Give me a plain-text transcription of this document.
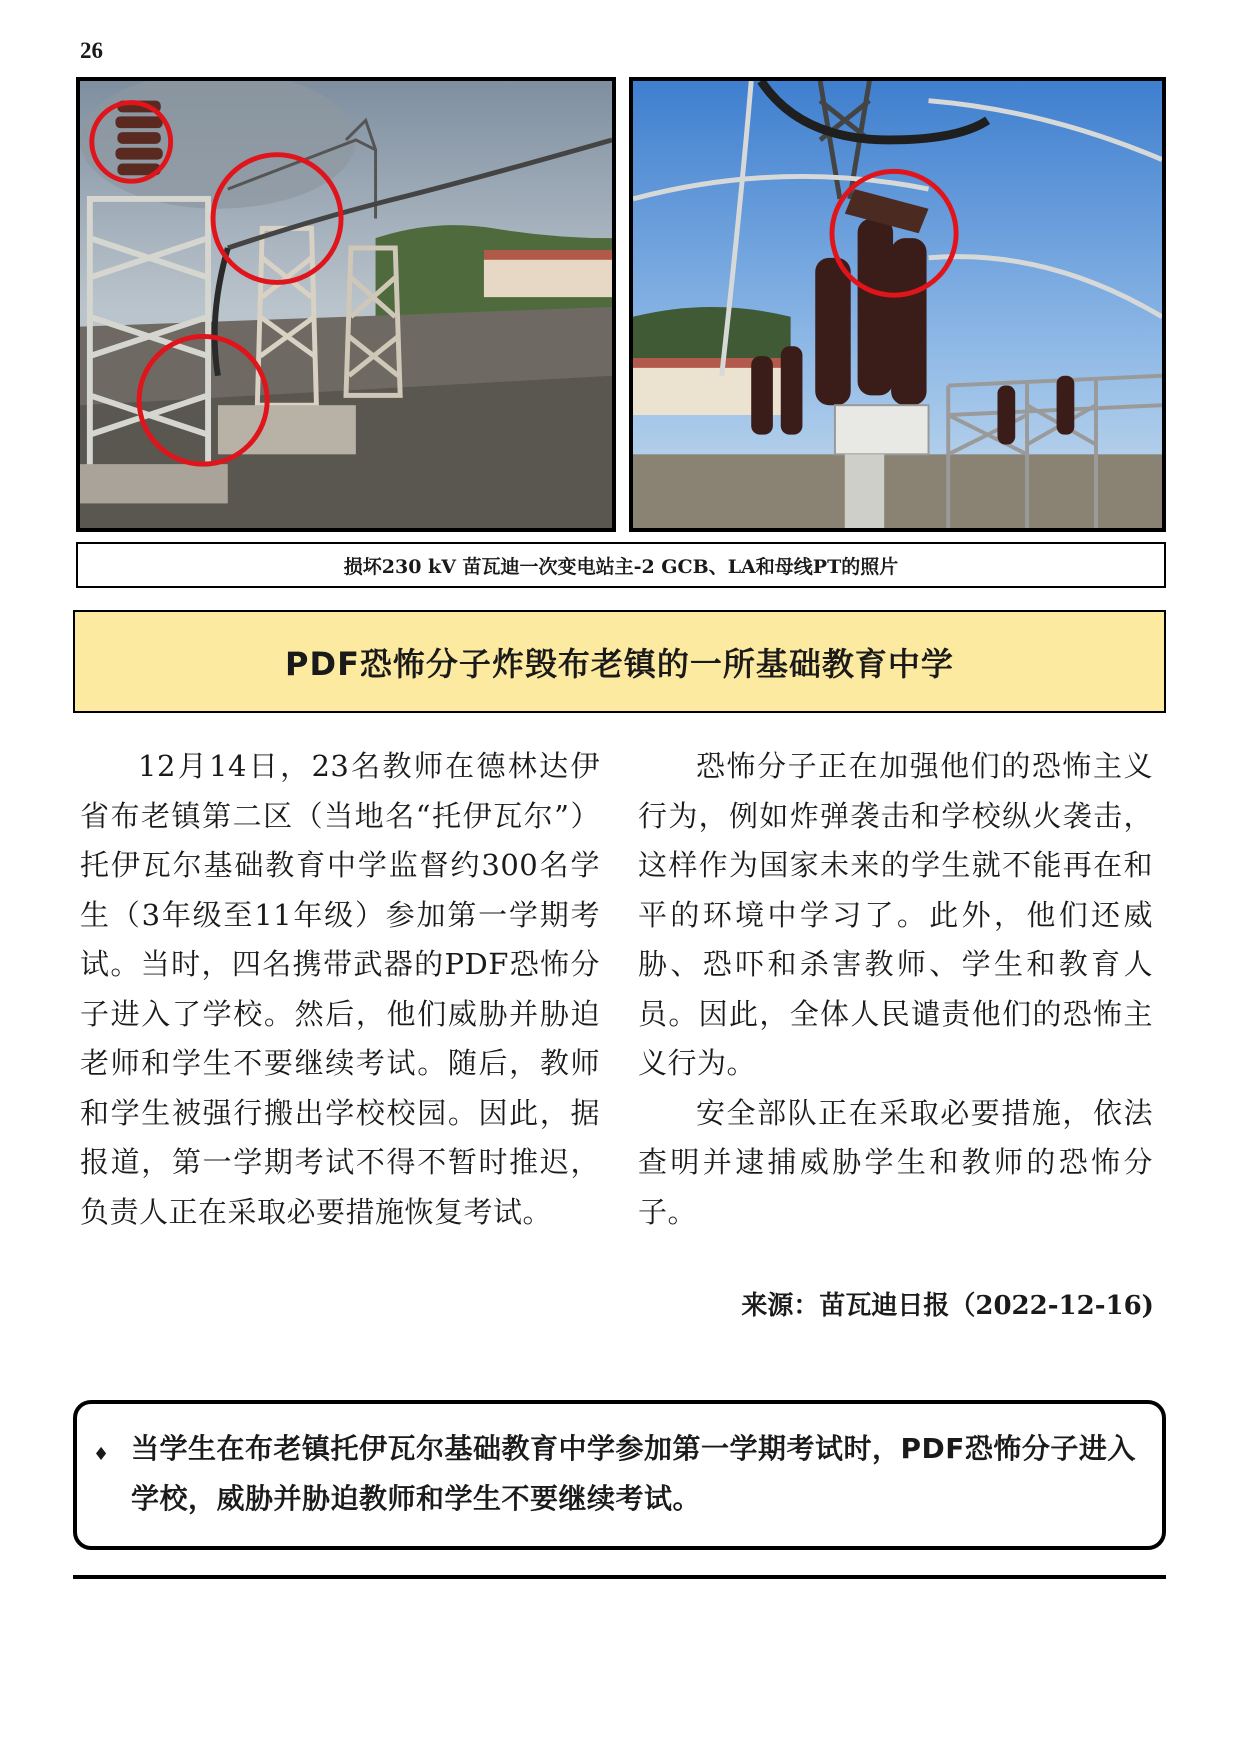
26
损坏230 kV 苗瓦迪一次变电站主-2 GCB、LA和母线PT的照片
PDF恐怖分子炸毁布老镇的一所基础教育中学

12月14日，23名教师在德林达伊省布老镇第二区（当地名“托伊瓦尔”）托伊瓦尔基础教育中学监督约300名学生（3年级至11年级）参加第一学期考试。当时，四名携带武器的PDF恐怖分子进入了学校。然后，他们威胁并胁迫老师和学生不要继续考试。随后，教师和学生被强行搬出学校校园。因此，据报道，第一学期考试不得不暂时推迟，负责人正在采取必要措施恢复考试。

恐怖分子正在加强他们的恐怖主义行为，例如炸弹袭击和学校纵火袭击，这样作为国家未来的学生就不能再在和平的环境中学习了。此外，他们还威胁、恐吓和杀害教师、学生和教育人员。因此，全体人民谴责他们的恐怖主义行为。

安全部队正在采取必要措施，依法查明并逮捕威胁学生和教师的恐怖分子。

来源：苗瓦迪日报（2022-12-16)
♦ 当学生在布老镇托伊瓦尔基础教育中学参加第一学期考试时，PDF恐怖分子进入学校，威胁并胁迫教师和学生不要继续考试。
